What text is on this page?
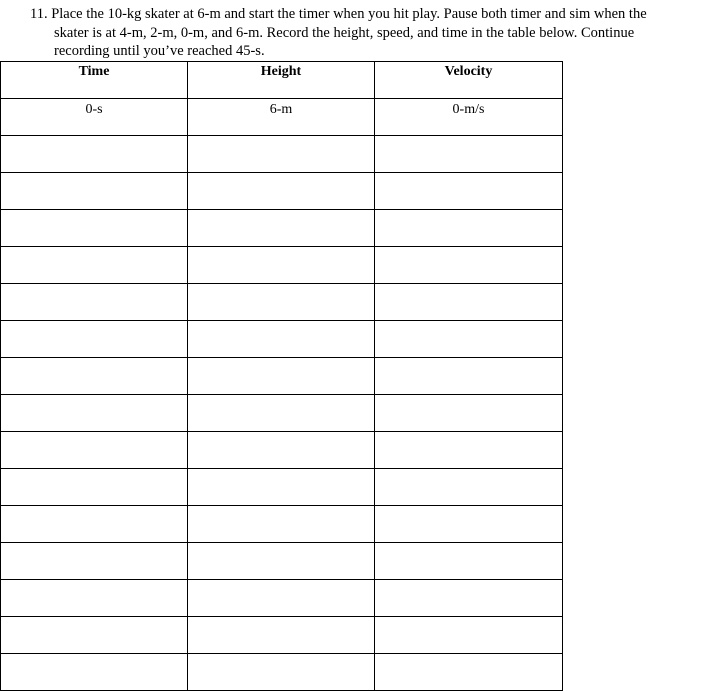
11. Place the 10-kg skater at 6-m and start the timer when you hit play. Pause both timer and sim when the
skater is at 4-m, 2-m, 0-m, and 6-m. Record the height, speed, and time in the table below. Continue
recording until you’ve reached 45-s.
Time	Height	Velocity
0-s	6-m	0-m/s
